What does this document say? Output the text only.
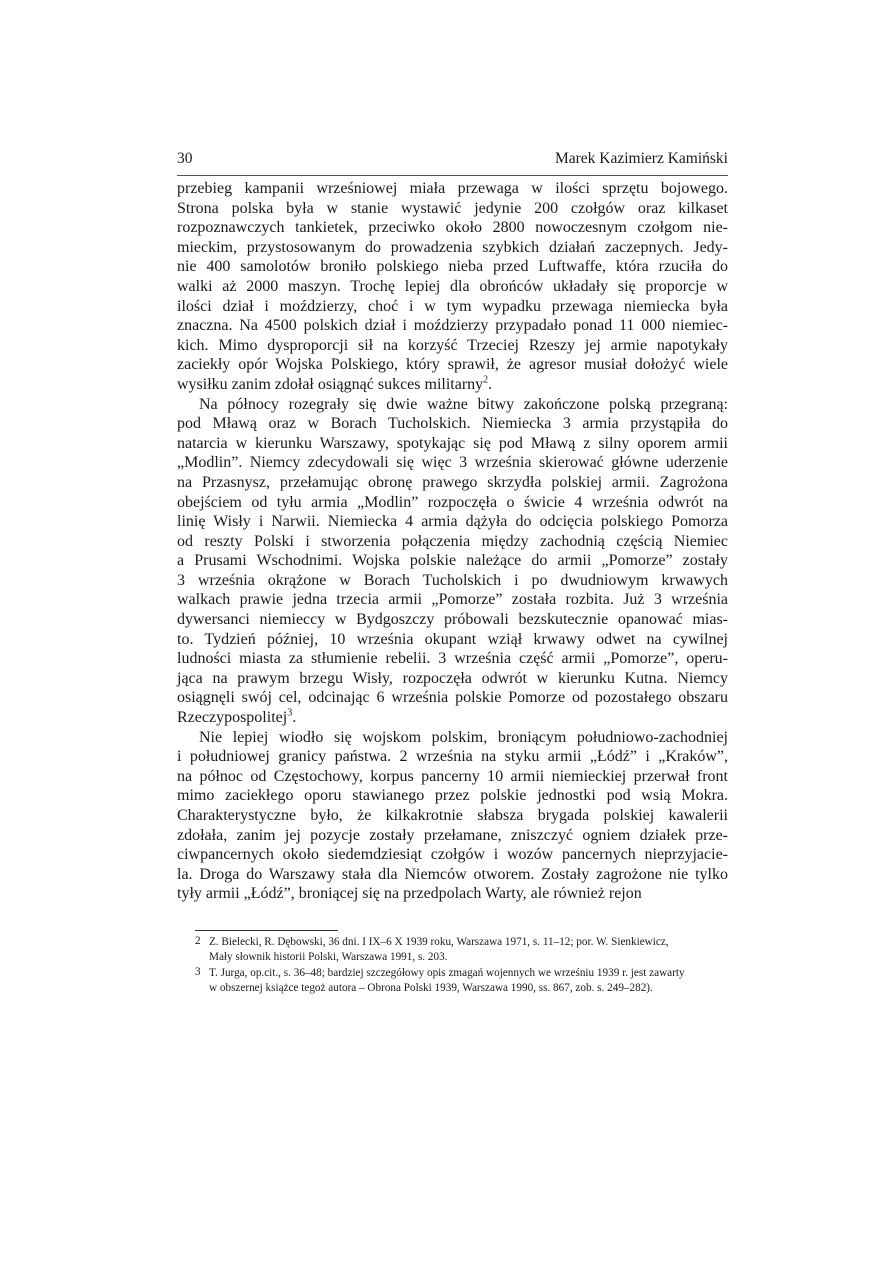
30	Marek Kazimierz Kamiński
przebieg kampanii wrześniowej miała przewaga w ilości sprzętu bojowego.
Strona polska była w stanie wystawić jedynie 200 czołgów oraz kilkaset
rozpoznawczych tankietek, przeciwko około 2800 nowoczesnym czołgom nie-
mieckim, przystosowanym do prowadzenia szybkich działań zaczepnych. Jedy-
nie 400 samolotów broniło polskiego nieba przed Luftwaffe, która rzuciła do
walki aż 2000 maszyn. Trochę lepiej dla obrońców układały się proporcje w
ilości dział i moździerzy, choć i w tym wypadku przewaga niemiecka była
znaczna. Na 4500 polskich dział i moździerzy przypadało ponad 11 000 niemiec-
kich. Mimo dysproporcji sił na korzyść Trzeciej Rzeszy jej armie napotykały
zaciekły opór Wojska Polskiego, który sprawił, że agresor musiał dołożyć wiele
wysiłku zanim zdołał osiągnąć sukces militarny$^2$.
Na północy rozegrały się dwie ważne bitwy zakończone polską przegraną:
pod Mławą oraz w Borach Tucholskich. Niemiecka 3 armia przystąpiła do
natarcia w kierunku Warszawy, spotykając się pod Mławą z silny oporem armii
„Modlin”. Niemcy zdecydowali się więc 3 września skierować główne uderzenie
na Przasnysz, przełamując obronę prawego skrzydła polskiej armii. Zagrożona
obejściem od tyłu armia „Modlin” rozpoczęła o świcie 4 września odwrót na
linię Wisły i Narwii. Niemiecka 4 armia dążyła do odcięcia polskiego Pomorza
od reszty Polski i stworzenia połączenia między zachodnią częścią Niemiec
a Prusami Wschodnimi. Wojska polskie należące do armii „Pomorze” zostały
3 września okrążone w Borach Tucholskich i po dwudniowym krwawych
walkach prawie jedna trzecia armii „Pomorze” została rozbita. Już 3 września
dywersanci niemieccy w Bydgoszczy próbowali bezskutecznie opanować mias-
to. Tydzień później, 10 września okupant wziął krwawy odwet na cywilnej
ludności miasta za stłumienie rebelii. 3 września część armii „Pomorze”, operu-
jąca na prawym brzegu Wisły, rozpoczęła odwrót w kierunku Kutna. Niemcy
osiągnęli swój cel, odcinając 6 września polskie Pomorze od pozostałego obszaru
Rzeczypospolitej$^3$.
Nie lepiej wiodło się wojskom polskim, broniącym południowo-zachodniej
i południowej granicy państwa. 2 września na styku armii „Łódź” i „Kraków”,
na północ od Częstochowy, korpus pancerny 10 armii niemieckiej przerwał front
mimo zaciekłego oporu stawianego przez polskie jednostki pod wsią Mokra.
Charakterystyczne było, że kilkakrotnie słabsza brygada polskiej kawalerii
zdołała, zanim jej pozycje zostały przełamane, zniszczyć ogniem działek prze-
ciwpancernych około siedemdziesiąt czołgów i wozów pancernych nieprzyjacie-
la. Droga do Warszawy stała dla Niemców otworem. Zostały zagrożone nie tylko
tyły armii „Łódź”, broniącej się na przedpolach Warty, ale również rejon
2 Z. Bielecki, R. Dębowski, 36 dni. I IX–6 X 1939 roku, Warszawa 1971, s. 11–12; por. W. Sienkiewicz,
Mały słownik historii Polski, Warszawa 1991, s. 203.
3 T. Jurga, op.cit., s. 36–48; bardziej szczegółowy opis zmagań wojennych we wrześniu 1939 r. jest zawarty
w obszernej książce tegoż autora – Obrona Polski 1939, Warszawa 1990, ss. 867, zob. s. 249–282).
